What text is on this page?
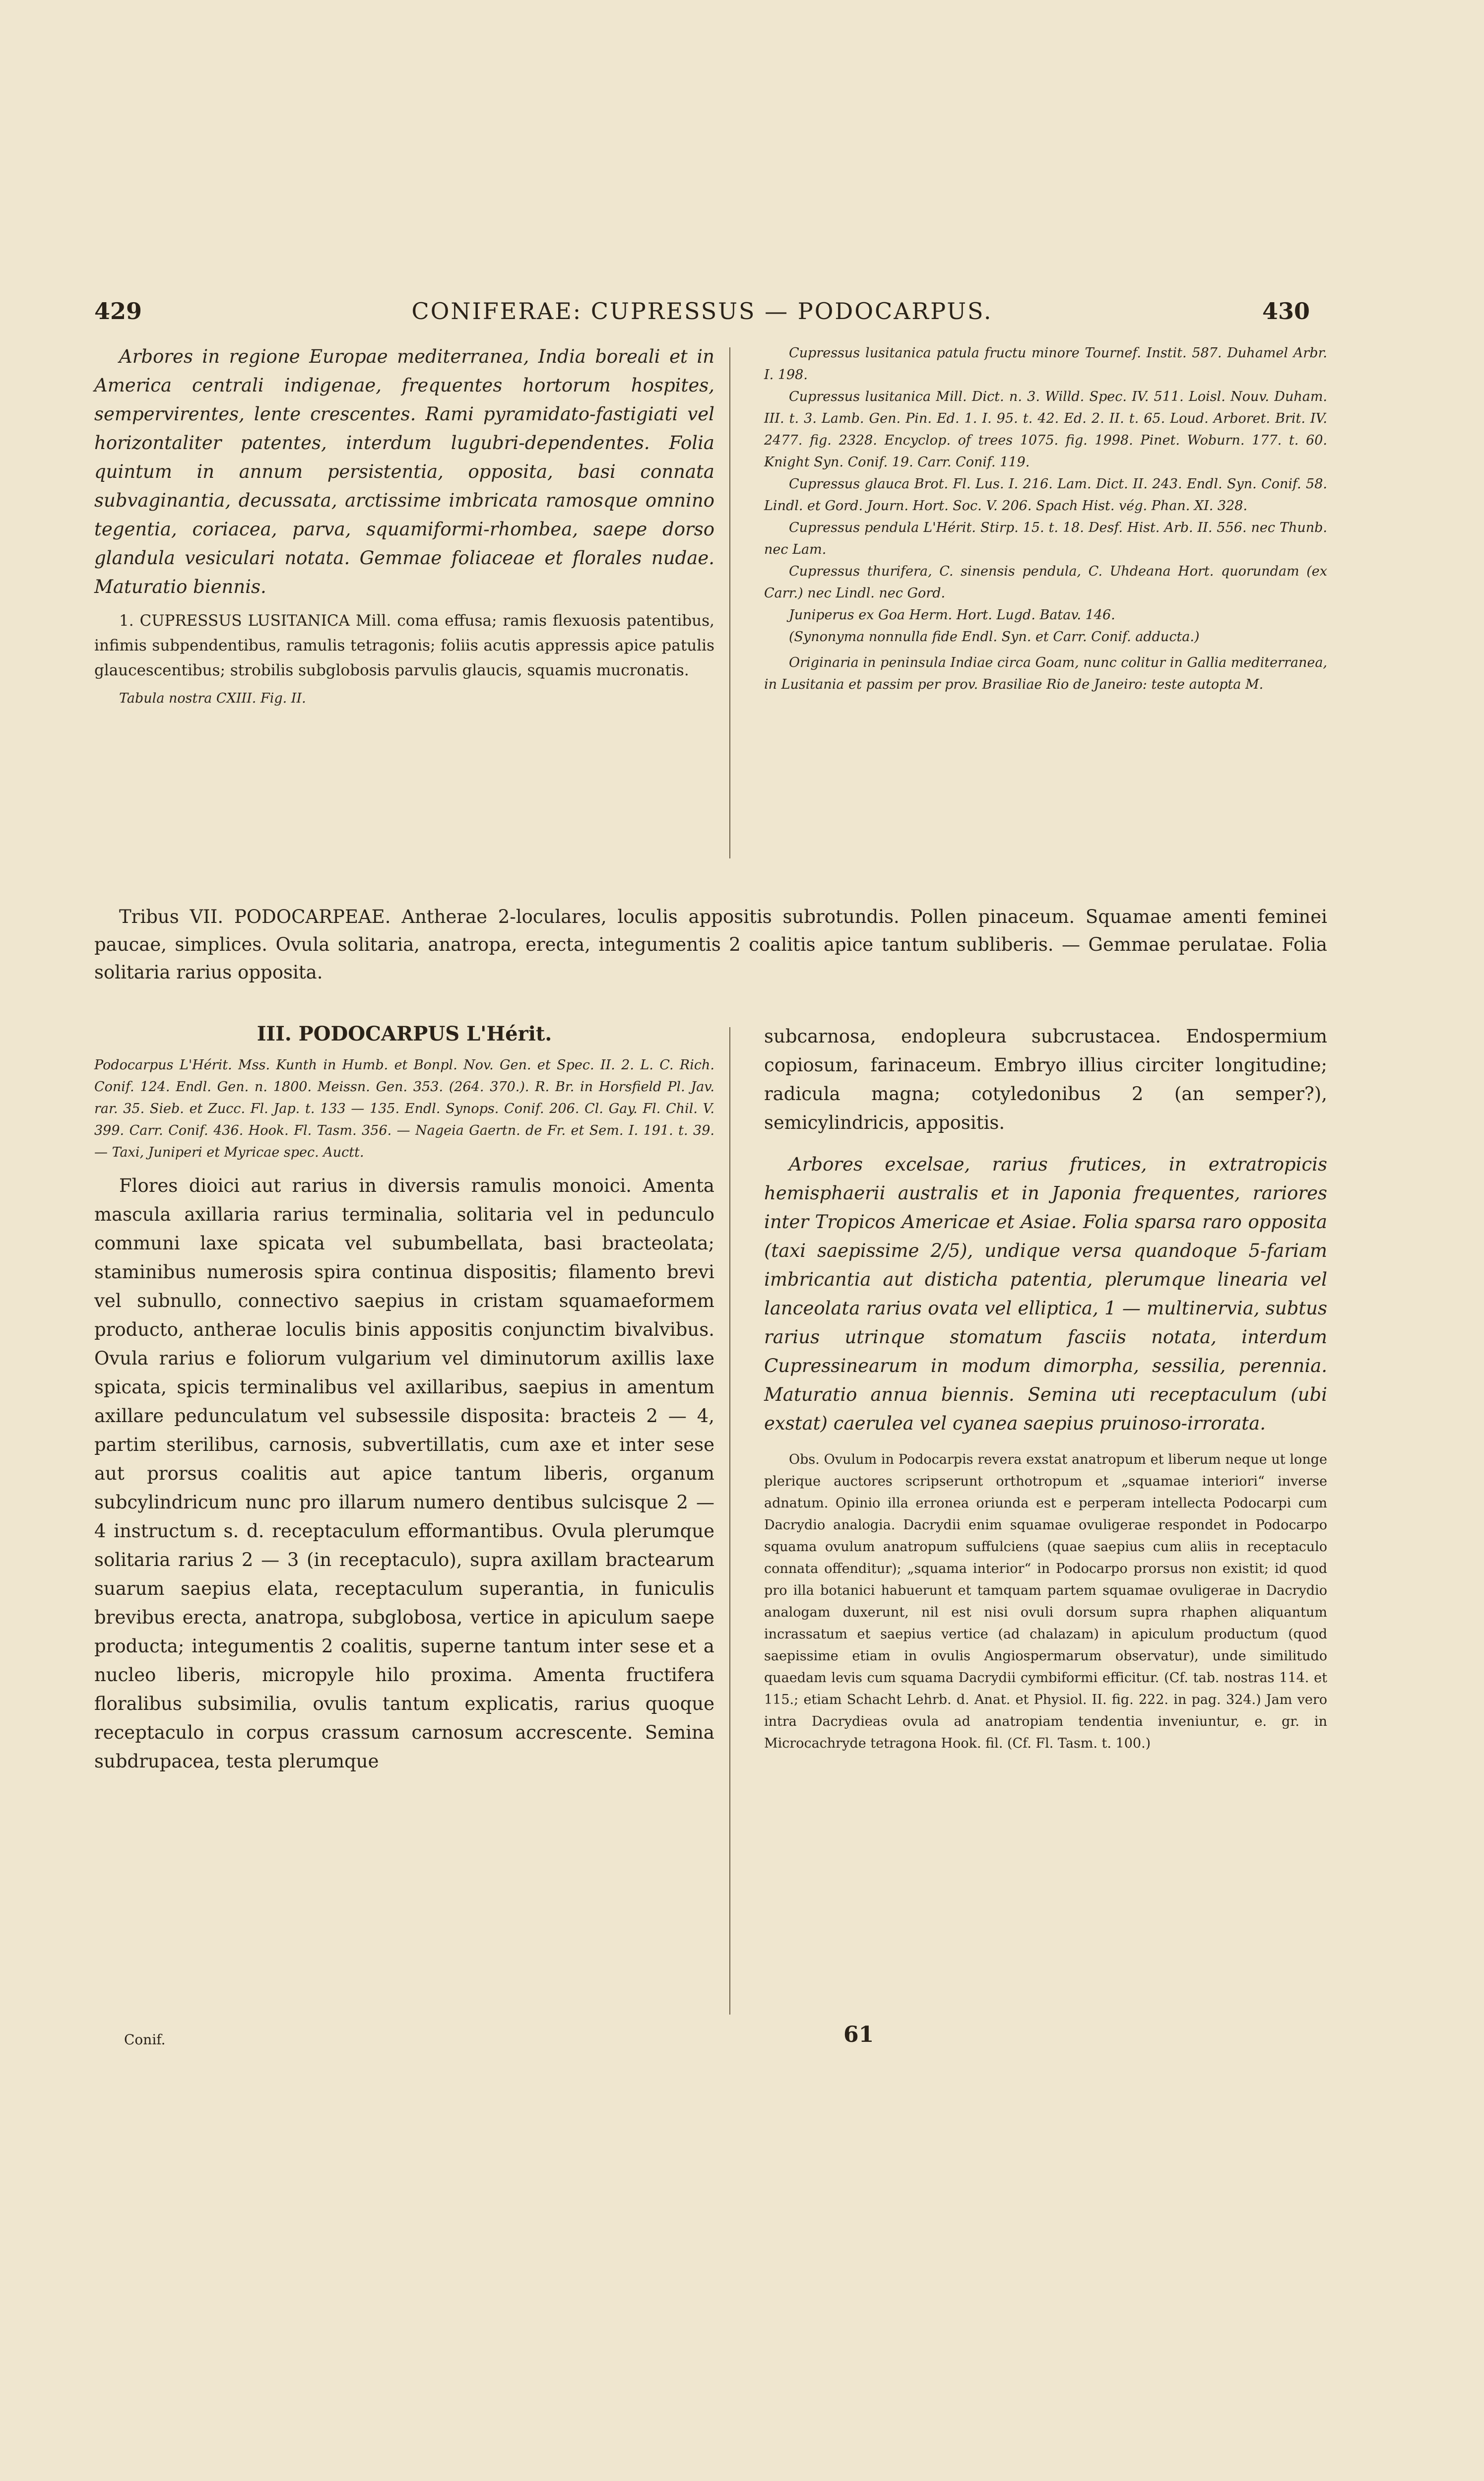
429	CONIFERAE: CUPRESSUS — PODOCARPUS.	430

Arbores in regione Europae mediterranea, India boreali et in America centrali indigenae, frequentes hortorum hospites, sempervirentes, lente crescentes. Rami pyramidato-fastigiati vel horizontaliter patentes, interdum lugubri-dependentes. Folia quintum in annum persistentia, opposita, basi connata subvaginantia, decussata, arctissime imbricata ramosque omnino tegentia, coriacea, parva, squamiformi-rhombea, saepe dorso glandula vesiculari notata. Gemmae foliaceae et florales nudae. Maturatio biennis.

1. CUPRESSUS LUSITANICA Mill. coma effusa; ramis flexuosis patentibus, infimis subpendentibus, ramulis tetragonis; foliis acutis appressis apice patulis glaucescentibus; strobilis subglobosis parvulis glaucis, squamis mucronatis.

Tabula nostra CXIII. Fig. II.

Cupressus lusitanica patula fructu minore Tournef. Instit. 587. Duhamel Arbr. I. 198.

Cupressus lusitanica Mill. Dict. n. 3. Willd. Spec. IV. 511. Loisl. Nouv. Duham. III. t. 3. Lamb. Gen. Pin. Ed. 1. I. 95. t. 42. Ed. 2. II. t. 65. Loud. Arboret. Brit. IV. 2477. fig. 2328. Encyclop. of trees 1075. fig. 1998. Pinet. Woburn. 177. t. 60. Knight Syn. Conif. 19. Carr. Conif. 119.

Cupressus glauca Brot. Fl. Lus. I. 216. Lam. Dict. II. 243. Endl. Syn. Conif. 58. Lindl. et Gord. Journ. Hort. Soc. V. 206. Spach Hist. vég. Phan. XI. 328.

Cupressus pendula L'Hérit. Stirp. 15. t. 18. Desf. Hist. Arb. II. 556. nec Thunb. nec Lam.

Cupressus thurifera, C. sinensis pendula, C. Uhdeana Hort. quorundam (ex Carr.) nec Lindl. nec Gord.

Juniperus ex Goa Herm. Hort. Lugd. Batav. 146.

(Synonyma nonnulla fide Endl. Syn. et Carr. Conif. adducta.)

Originaria in peninsula Indiae circa Goam, nunc colitur in Gallia mediterranea, in Lusitania et passim per prov. Brasiliae Rio de Janeiro: teste autopta M.

Tribus VII. PODOCARPEAE. Antherae 2-loculares, loculis appositis subrotundis. Pollen pinaceum. Squamae amenti feminei paucae, simplices. Ovula solitaria, anatropa, erecta, integumentis 2 coalitis apice tantum subliberis. — Gemmae perulatae. Folia solitaria rarius opposita.
III. PODOCARPUS L'Hérit.

Podocarpus L'Hérit. Mss. Kunth in Humb. et Bonpl. Nov. Gen. et Spec. II. 2. L. C. Rich. Conif. 124. Endl. Gen. n. 1800. Meissn. Gen. 353. (264. 370.). R. Br. in Horsfield Pl. Jav. rar. 35. Sieb. et Zucc. Fl. Jap. t. 133 — 135. Endl. Synops. Conif. 206. Cl. Gay. Fl. Chil. V. 399. Carr. Conif. 436. Hook. Fl. Tasm. 356. — Nageia Gaertn. de Fr. et Sem. I. 191. t. 39. — Taxi, Juniperi et Myricae spec. Auctt.

Flores dioici aut rarius in diversis ramulis monoici. Amenta mascula axillaria rarius terminalia, solitaria vel in pedunculo communi laxe spicata vel subumbellata, basi bracteolata; staminibus numerosis spira continua dispositis; filamento brevi vel subnullo, connectivo saepius in cristam squamaeformem producto, antherae loculis binis appositis conjunctim bivalvibus. Ovula rarius e foliorum vulgarium vel diminutorum axillis laxe spicata, spicis terminalibus vel axillaribus, saepius in amentum axillare pedunculatum vel subsessile disposita: bracteis 2 — 4, partim sterilibus, carnosis, subvertillatis, cum axe et inter sese aut prorsus coalitis aut apice tantum liberis, organum subcylindricum nunc pro illarum numero dentibus sulcisque 2 — 4 instructum s. d. receptaculum efformantibus. Ovula plerumque solitaria rarius 2 — 3 (in receptaculo), supra axillam bractearum suarum saepius elata, receptaculum superantia, in funiculis brevibus erecta, anatropa, subglobosa, vertice in apiculum saepe producta; integumentis 2 coalitis, superne tantum inter sese et a nucleo liberis, micropyle hilo proxima. Amenta fructifera floralibus subsimilia, ovulis tantum explicatis, rarius quoque receptaculo in corpus crassum carnosum accrescente. Semina subdrupacea, testa plerumque

subcarnosa, endopleura subcrustacea. Endospermium copiosum, farinaceum. Embryo illius circiter longitudine; radicula magna; cotyledonibus 2 (an semper?), semicylindricis, appositis.

Arbores excelsae, rarius frutices, in extratropicis hemisphaerii australis et in Japonia frequentes, rariores inter Tropicos Americae et Asiae. Folia sparsa raro opposita (taxi saepissime 2/5), undique versa quandoque 5-fariam imbricantia aut disticha patentia, plerumque linearia vel lanceolata rarius ovata vel elliptica, 1 — multinervia, subtus rarius utrinque stomatum fasciis notata, interdum Cupressinearum in modum dimorpha, sessilia, perennia. Maturatio annua biennis. Semina uti receptaculum (ubi exstat) caerulea vel cyanea saepius pruinoso-irrorata.

Obs. Ovulum in Podocarpis revera exstat anatropum et liberum neque ut longe plerique auctores scripserunt orthotropum et „squamae interiori“ inverse adnatum. Opinio illa erronea oriunda est e perperam intellecta Podocarpi cum Dacrydio analogia. Dacrydii enim squamae ovuligerae respondet in Podocarpo squama ovulum anatropum suffulciens (quae saepius cum aliis in receptaculo connata offenditur); „squama interior“ in Podocarpo prorsus non existit; id quod pro illa botanici habuerunt et tamquam partem squamae ovuligerae in Dacrydio analogam duxerunt, nil est nisi ovuli dorsum supra rhaphen aliquantum incrassatum et saepius vertice (ad chalazam) in apiculum productum (quod saepissime etiam in ovulis Angiospermarum observatur), unde similitudo quaedam levis cum squama Dacrydii cymbiformi efficitur. (Cf. tab. nostras 114. et 115.; etiam Schacht Lehrb. d. Anat. et Physiol. II. fig. 222. in pag. 324.) Jam vero intra Dacrydieas ovula ad anatropiam tendentia inveniuntur, e. gr. in Microcachryde tetragona Hook. fil. (Cf. Fl. Tasm. t. 100.)

Conif.	61
